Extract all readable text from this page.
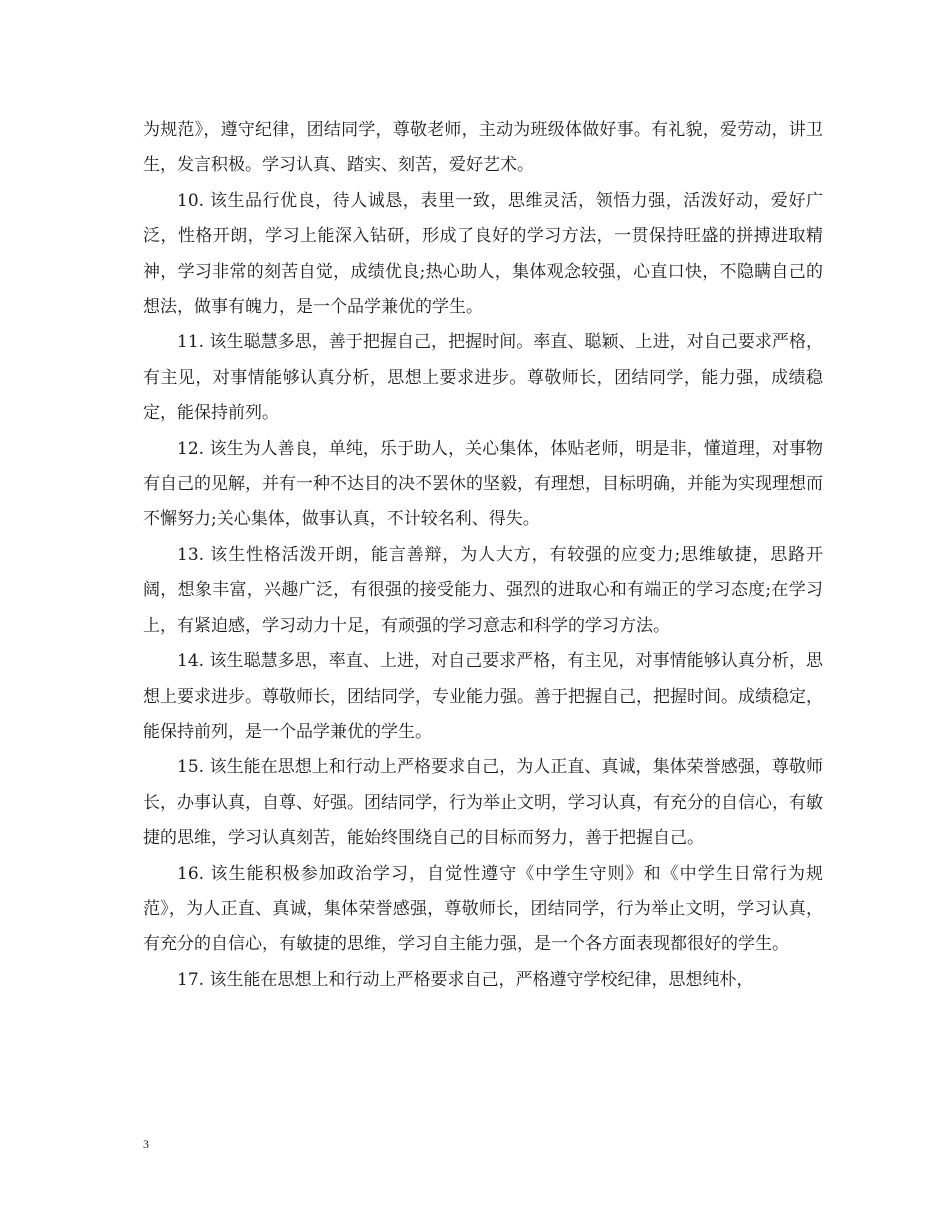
为规范》，遵守纪律，团结同学，尊敬老师，主动为班级体做好事。有礼貌，爱劳动，讲卫生，发言积极。学习认真、踏实、刻苦，爱好艺术。

10. 该生品行优良，待人诚恳，表里一致，思维灵活，领悟力强，活泼好动，爱好广泛，性格开朗，学习上能深入钻研，形成了良好的学习方法，一贯保持旺盛的拼搏进取精神，学习非常的刻苦自觉，成绩优良;热心助人，集体观念较强，心直口快，不隐瞒自己的想法，做事有魄力，是一个品学兼优的学生。

11. 该生聪慧多思，善于把握自己，把握时间。率直、聪颖、上进，对自己要求严格，有主见，对事情能够认真分析，思想上要求进步。尊敬师长，团结同学，能力强，成绩稳定，能保持前列。

12. 该生为人善良，单纯，乐于助人，关心集体，体贴老师，明是非，懂道理，对事物有自己的见解，并有一种不达目的决不罢休的坚毅，有理想，目标明确，并能为实现理想而不懈努力;关心集体，做事认真，不计较名利、得失。

13. 该生性格活泼开朗，能言善辩，为人大方，有较强的应变力;思维敏捷，思路开阔，想象丰富，兴趣广泛，有很强的接受能力、强烈的进取心和有端正的学习态度;在学习上，有紧迫感，学习动力十足，有顽强的学习意志和科学的学习方法。

14. 该生聪慧多思，率直、上进，对自己要求严格，有主见，对事情能够认真分析，思想上要求进步。尊敬师长，团结同学，专业能力强。善于把握自己，把握时间。成绩稳定，能保持前列，是一个品学兼优的学生。

15. 该生能在思想上和行动上严格要求自己，为人正直、真诚，集体荣誉感强，尊敬师长，办事认真，自尊、好强。团结同学，行为举止文明，学习认真，有充分的自信心，有敏捷的思维，学习认真刻苦，能始终围绕自己的目标而努力，善于把握自己。

16. 该生能积极参加政治学习，自觉性遵守《中学生守则》和《中学生日常行为规范》，为人正直、真诚，集体荣誉感强，尊敬师长，团结同学，行为举止文明，学习认真，有充分的自信心，有敏捷的思维，学习自主能力强，是一个各方面表现都很好的学生。

17. 该生能在思想上和行动上严格要求自己，严格遵守学校纪律，思想纯朴，

3
